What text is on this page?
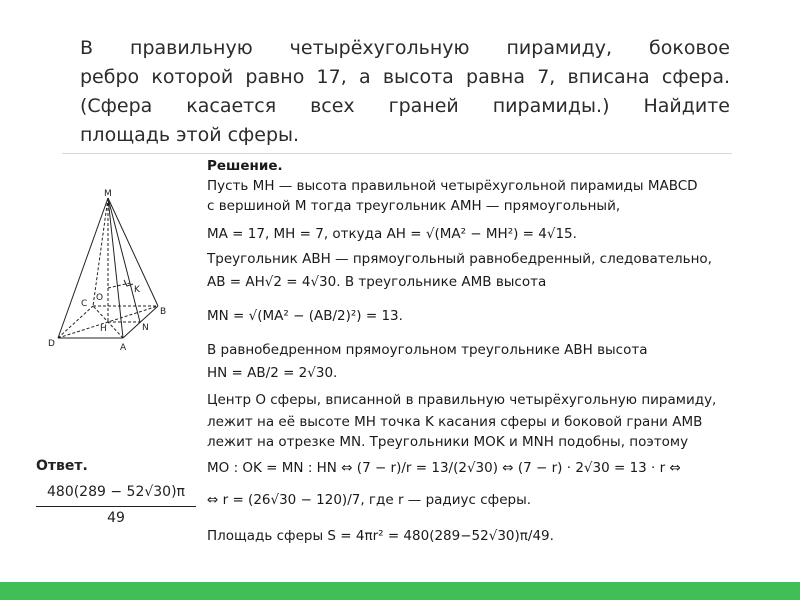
В правильную четырёхугольную пирамиду, боковое
ребро которой равно 17, а высота равна 7, вписана сфера.
(Сфера касается всех граней пирамиды.) Найдите
площадь этой сферы.
M
K
O
C
B
D
H	N
A
Решение.
Пусть MH — высота правильной четырёхугольной пирамиды MABCD
с вершиной M тогда треугольник AMH — прямоугольный,
MA = 17, MH = 7, откуда AH = √(MA² − MH²) = 4√15.
Треугольник ABH — прямоугольный равнобедренный, следовательно,
AB = AH√2 = 4√30. В треугольнике AMB высота
MN = √(MA² − (AB/2)²) = 13.
В равнобедренном прямоугольном треугольнике ABH высота
HN = AB/2 = 2√30.
Центр O сферы, вписанной в правильную четырёхугольную пирамиду,
лежит на её высоте MH точка K касания сферы и боковой грани AMB
лежит на отрезке MN. Треугольники MOK и MNH подобны, поэтому
MO : OK = MN : HN ⇔ (7 − r)/r = 13/(2√30) ⇔ (7 − r) · 2√30 = 13 · r ⇔
⇔ r = (26√30 − 120)/7, где r — радиус сферы.
Площадь сферы S = 4πr² = 480(289−52√30)π/49.
Ответ.
480(289 − 52√30)π
49
